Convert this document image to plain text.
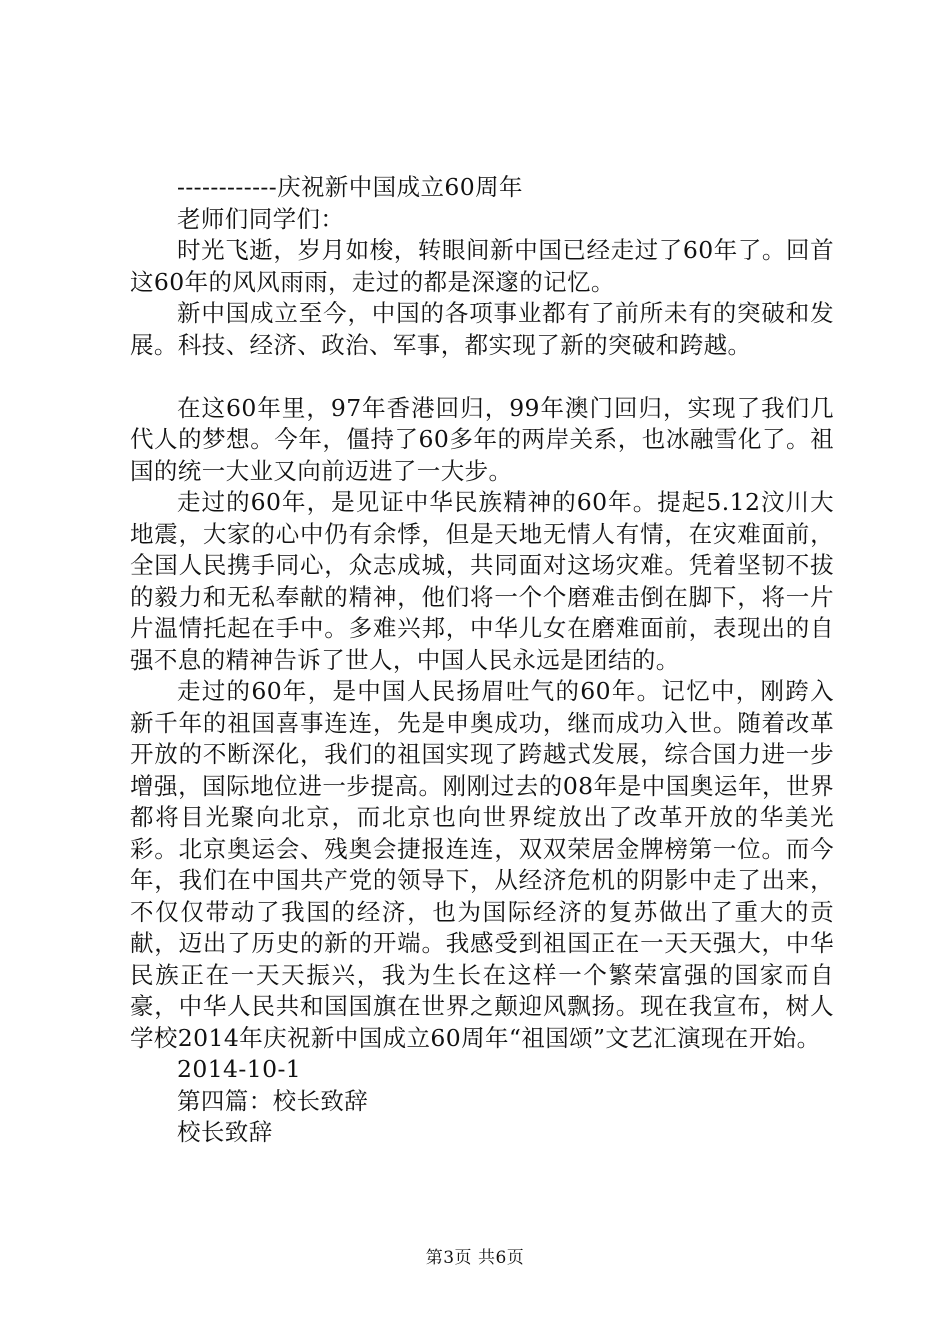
------------庆祝新中国成立60周年

老师们同学们：

时光飞逝，岁月如梭，转眼间新中国已经走过了60年了。回首这60年的风风雨雨，走过的都是深邃的记忆。

新中国成立至今，中国的各项事业都有了前所未有的突破和发展。科技、经济、政治、军事，都实现了新的突破和跨越。

在这60年里，97年香港回归，99年澳门回归，实现了我们几代人的梦想。今年，僵持了60多年的两岸关系，也冰融雪化了。祖国的统一大业又向前迈进了一大步。

走过的60年，是见证中华民族精神的60年。提起5.12汶川大地震，大家的心中仍有余悸，但是天地无情人有情，在灾难面前，全国人民携手同心，众志成城，共同面对这场灾难。凭着坚韧不拔的毅力和无私奉献的精神，他们将一个个磨难击倒在脚下，将一片片温情托起在手中。多难兴邦，中华儿女在磨难面前，表现出的自强不息的精神告诉了世人，中国人民永远是团结的。

走过的60年，是中国人民扬眉吐气的60年。记忆中，刚跨入新千年的祖国喜事连连，先是申奥成功，继而成功入世。随着改革开放的不断深化，我们的祖国实现了跨越式发展，综合国力进一步增强，国际地位进一步提高。刚刚过去的08年是中国奥运年，世界都将目光聚向北京，而北京也向世界绽放出了改革开放的华美光彩。北京奥运会、残奥会捷报连连，双双荣居金牌榜第一位。而今年，我们在中国共产党的领导下，从经济危机的阴影中走了出来，不仅仅带动了我国的经济，也为国际经济的复苏做出了重大的贡献，迈出了历史的新的开端。我感受到祖国正在一天天强大，中华民族正在一天天振兴，我为生长在这样一个繁荣富强的国家而自豪，中华人民共和国国旗在世界之颠迎风飘扬。现在我宣布，树人学校2014年庆祝新中国成立60周年“祖国颂”文艺汇演现在开始。

2014-10-1

第四篇：校长致辞

校长致辞

第3页 共6页
